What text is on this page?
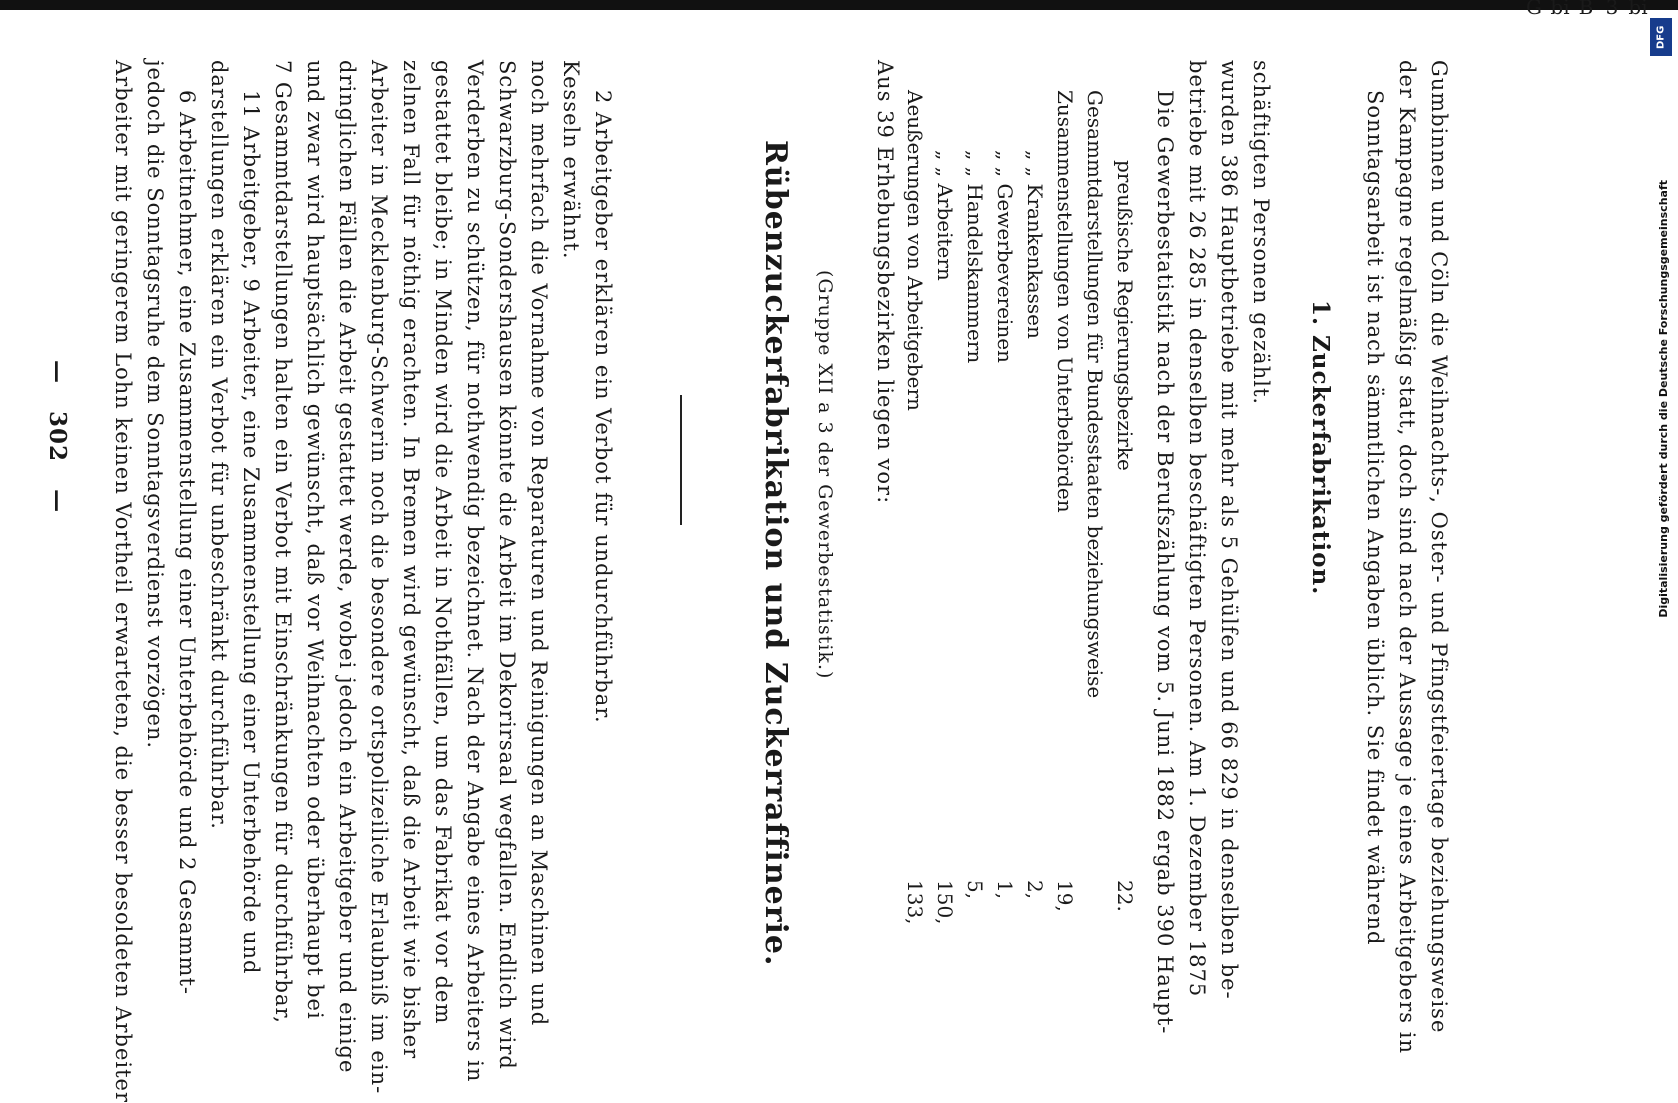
bi
3
B
bi
G
DFG
Digitalisierung gefördert durch die Deutsche Forschungsgemeinschaft
—   302   — Arbeiter mit geringerem Lohn keinen Vortheil erwarteten, die besser besoldeten Arbeiter jedoch die Sonntagsruhe dem Sonntagsverdienst vorzögen. 6 Arbeitnehmer, eine Zusammenstellung einer Unterbehörde und 2 Gesammt- darstellungen erklären ein Verbot für unbeschränkt durchführbar. 11 Arbeitgeber, 9 Arbeiter, eine Zusammenstellung einer Unterbehörde und 7 Gesammtdarstellungen halten ein Verbot mit Einschränkungen für durchführbar, und zwar wird hauptsächlich gewünscht, daß vor Weihnachten oder überhaupt bei dringlichen Fällen die Arbeit gestattet werde, wobei jedoch ein Arbeitgeber und einige Arbeiter in Mecklenburg-Schwerin noch die besondere ortspolizeiliche Erlaubniß im ein- zelnen Fall für nöthig erachten. In Bremen wird gewünscht, daß die Arbeit wie bisher gestattet bleibe; in Minden wird die Arbeit in Nothfällen, um das Fabrikat vor dem Verderben zu schützen, für nothwendig bezeichnet. Nach der Angabe eines Arbeiters in Schwarzburg-Sondershausen könnte die Arbeit im Dekorirsaal wegfallen. Endlich wird noch mehrfach die Vornahme von Reparaturen und Reinigungen an Maschinen und Kesseln erwähnt. 2 Arbeitgeber erklären ein Verbot für undurchführbar.	Rübenzuckerfabrikation und Zuckerraffinerie. (Gruppe XII a 3 der Gewerbestatistik.) Aus 39 Erhebungsbezirken liegen vor: Aeußerungen von Arbeitgebern
133,
„ „ Arbeitern
150,
„ „ Handelskammern
5,
„ „ Gewerbevereinen
1,
„ „ Krankenkassen
2,
Zusammenstellungen von Unterbehörden
19,
Gesammtdarstellungen für Bundesstaaten beziehungsweise preußische Regierungsbezirke
22. Die Gewerbestatistik nach der Berufszählung vom 5. Juni 1882 ergab 390 Haupt- betriebe mit 26 285 in denselben beschäftigten Personen. Am 1. Dezember 1875 wurden 386 Hauptbetriebe mit mehr als 5 Gehülfen und 66 829 in denselben be- schäftigten Personen gezählt.
1. Zuckerfabrikation. Sonntagsarbeit ist nach sämmtlichen Angaben üblich. Sie findet während der Kampagne regelmäßig statt, doch sind nach der Aussage je eines Arbeitgebers in Gumbinnen und Cöln die Weihnachts-, Oster- und Pfingstfeiertage beziehungsweise
